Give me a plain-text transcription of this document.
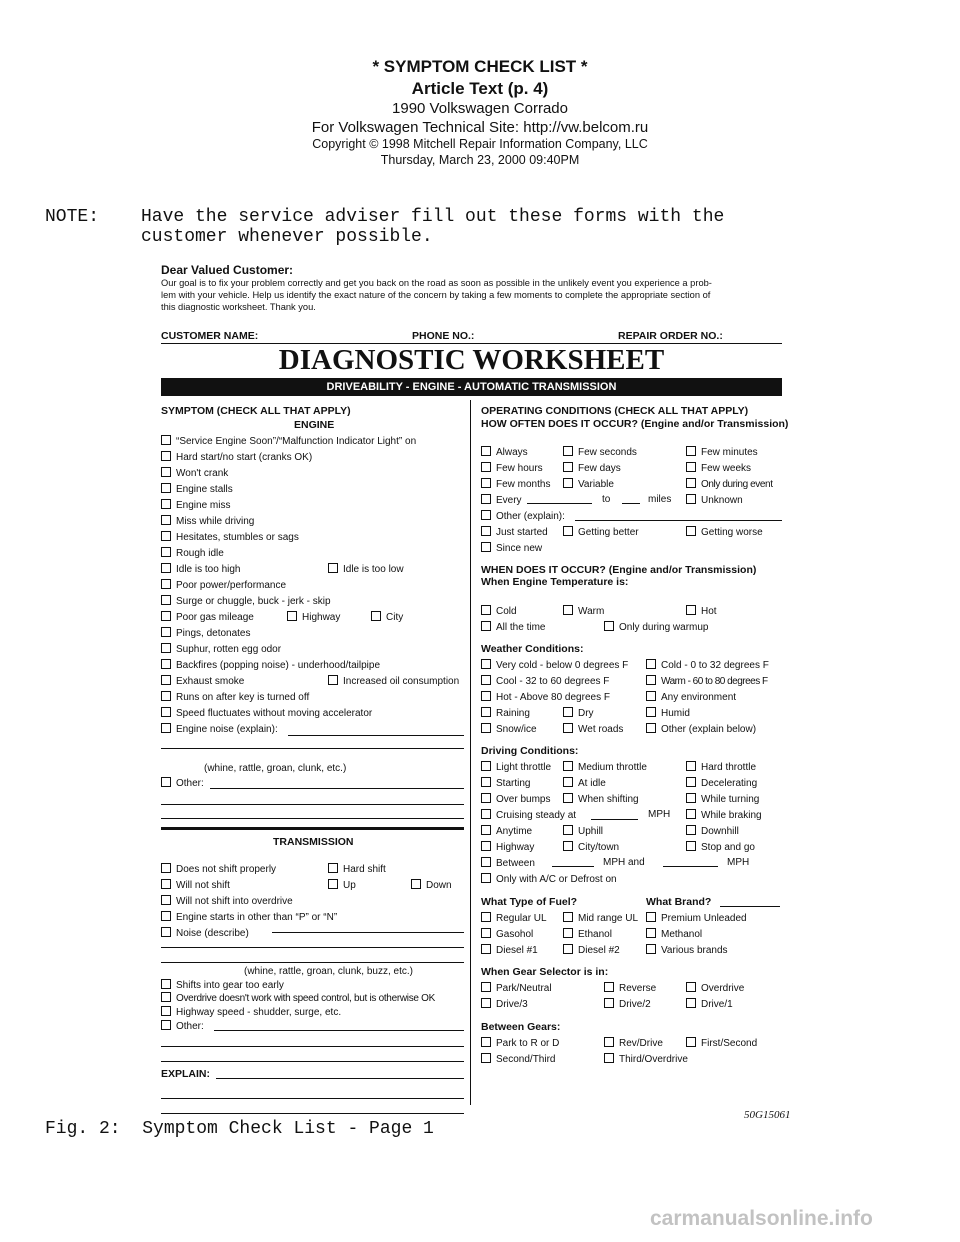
* SYMPTOM CHECK LIST *
Article Text (p. 4)
1990 Volkswagen Corrado
For Volkswagen Technical Site: http://vw.belcom.ru
Copyright © 1998 Mitchell Repair Information Company, LLC
Thursday, March 23, 2000 09:40PM
NOTE: Have the service adviser fill out these forms with the
customer whenever possible.
Dear Valued Customer:
Our goal is to fix your problem correctly and get you back on the road as soon as possible in the unlikely event you experience a prob-
lem with your vehicle. Help us identify the exact nature of the concern by taking a few moments to complete the appropriate section of
this diagnostic worksheet. Thank you.
CUSTOMER NAME:	PHONE NO.:	REPAIR ORDER NO.:
DIAGNOSTIC WORKSHEET
DRIVEABILITY - ENGINE - AUTOMATIC TRANSMISSION
SYMPTOM (CHECK ALL THAT APPLY)
ENGINE
“Service Engine Soon”/“Malfunction Indicator Light” on
Hard start/no start (cranks OK)
Won't crank
Engine stalls
Engine miss
Miss while driving
Hesitates, stumbles or sags
Rough idle
Idle is too high	Idle is too low
Poor power/performance
Surge or chuggle, buck - jerk - skip
Poor gas mileage	Highway	City
Pings, detonates
Suphur, rotten egg odor
Backfires (popping noise) - underhood/tailpipe
Exhaust smoke	Increased oil consumption
Runs on after key is turned off
Speed fluctuates without moving accelerator
Engine noise (explain):
(whine, rattle, groan, clunk, etc.)
Other:
TRANSMISSION
Does not shift properly	Hard shift
Will not shift	Up	Down
Will not shift into overdrive
Engine starts in other than “P” or “N”
Noise (describe)
(whine, rattle, groan, clunk, buzz, etc.)
Shifts into gear too early
Overdrive doesn't work with speed control, but is otherwise OK
Highway speed - shudder, surge, etc.
Other:
EXPLAIN:
OPERATING CONDITIONS (CHECK ALL THAT APPLY)
HOW OFTEN DOES IT OCCUR? (Engine and/or Transmission)
Always	Few seconds	Few minutes
Few hours	Few days	Few weeks
Few months	Variable	Only during event
Every	to	miles	Unknown
Other (explain):
Just started	Getting better	Getting worse
Since new
WHEN DOES IT OCCUR? (Engine and/or Transmission)
When Engine Temperature is:
Cold	Warm	Hot
All the time	Only during warmup
Weather Conditions:
Very cold - below 0 degrees F	Cold - 0 to 32 degrees F
Cool - 32 to 60 degrees F	Warm - 60 to 80 degrees F
Hot - Above 80 degrees F	Any environment
Raining	Dry	Humid
Snow/ice	Wet roads	Other (explain below)
Driving Conditions:
Light throttle	Medium throttle	Hard throttle
Starting	At idle	Decelerating
Over bumps	When shifting	While turning
Cruising steady at	MPH	While braking
Anytime	Uphill	Downhill
Highway	City/town	Stop and go
Between	MPH and	MPH
Only with A/C or Defrost on
What Type of Fuel?	What Brand?
Regular UL	Mid range UL	Premium Unleaded
Gasohol	Ethanol	Methanol
Diesel #1	Diesel #2	Various brands
When Gear Selector is in:
Park/Neutral	Reverse	Overdrive
Drive/3	Drive/2	Drive/1
Between Gears:
Park to R or D	Rev/Drive	First/Second
Second/Third	Third/Overdrive
50G15061
Fig. 2:  Symptom Check List - Page 1
carmanualsonline.info
